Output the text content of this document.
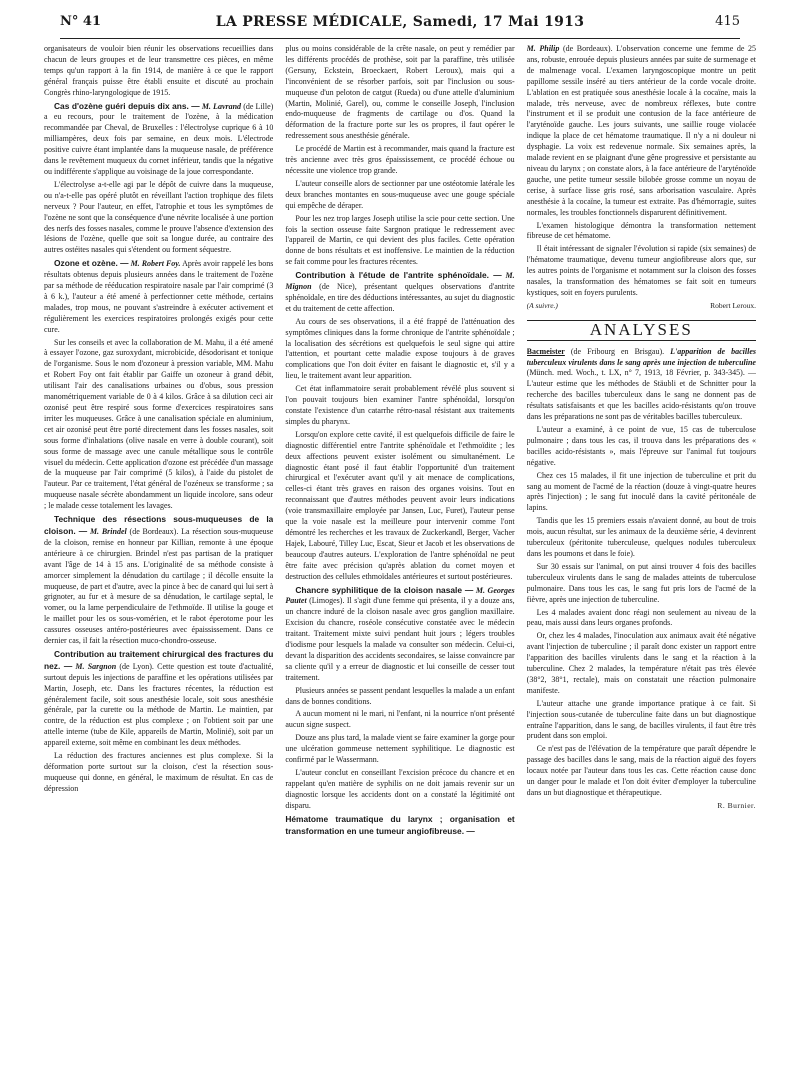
N° 41	LA PRESSE MÉDICALE, Samedi, 17 Mai 1913	415

organisateurs de vouloir bien réunir les observations recueillies dans chacun de leurs groupes et de leur transmettre ces pièces, en même temps qu'un rapport à la fin 1914, de manière à ce que le rapport général français puisse être établi ensuite et discuté au prochain Congrès rhino-laryngologique de 1915.

Cas d'ozène guéri depuis dix ans. — M. Lavrand (de Lille) a eu recours, pour le traitement de l'ozène, à la médication recommandée par Cheval, de Bruxelles : l'électrolyse cuprique 6 à 10 milliampères, deux fois par semaine, en deux mois. L'électrode positive cuivre étant implantée dans la muqueuse nasale, de préférence dans le revêtement muqueux du cornet inférieur, tandis que la négative ou indifférente s'applique au voisinage de la joue correspondante.

L'électrolyse a-t-elle agi par le dépôt de cuivre dans la muqueuse, ou n'a-t-elle pas opéré plutôt en réveillant l'action trophique des filets nerveux ? Pour l'auteur, en effet, l'atrophie et tous les symptômes de l'ozène ne sont que la conséquence d'une névrite localisée à une portion des nerfs des fosses nasales, comme le prouve l'absence d'extension des lésions de l'ozène, quelle que soit sa longue durée, au contraire des autres ostéites nasales qui s'étendent ou forment séquestre.

Ozone et ozène. — M. Robert Foy. Après avoir rappelé les bons résultats obtenus depuis plusieurs années dans le traitement de l'ozène par sa méthode de rééducation respiratoire nasale par l'air comprimé (3 à 6 k.), l'auteur a été amené à perfectionner cette méthode, certains malades, trop mous, ne pouvant s'astreindre à exécuter activement et régulièrement les exercices respiratoires prolongés exigés pour cette cure.

Sur les conseils et avec la collaboration de M. Mahu, il a été amené à essayer l'ozone, gaz suroxydant, microbicide, désodorisant et tonique de l'organisme. Sous le nom d'ozoneur à pression variable, MM. Mahu et Robert Foy ont fait établir par Gaiffe un ozoneur à grand débit, utilisant l'air des canalisations urbaines ou d'obus, sous pression manométriquement variable de 0 à 4 kilos. Grâce à sa dilution ceci air ozonisé peut être respiré sous forme d'exercices respiratoires sans irriter les muqueuses. Grâce à une canalisation spéciale en aluminium, cet air ozonisé peut être porté directement dans les fosses nasales, soit sous forme d'inhalations (olive nasale en verre à double courant), soit sous forme de massage avec une canule métallique sous le contrôle visuel du médecin. Cette application d'ozone est précédée d'un massage de la muqueuse par l'air comprimé (5 kilos), à l'aide du pistolet de l'auteur. Par ce traitement, l'état général de l'ozéneux se transforme ; sa muqueuse nasale sécrète abondamment un liquide incolore, sans odeur ; le malade cesse totalement les lavages.

Technique des résections sous-muqueuses de la cloison. — M. Brindel (de Bordeaux). La résection sous-muqueuse de la cloison, remise en honneur par Killian, remonte à une époque antérieure à ce chirurgien. Brindel n'est pas partisan de la pratiquer avant l'âge de 14 à 15 ans. L'originalité de sa méthode consiste à amorcer simplement la dénudation du cartilage ; il décolle ensuite la muqueuse, de part et d'autre, avec la pince à bec de canard qui lui sert à grignoter, au fur et à mesure de sa dénudation, le cartilage septal, le vomer, ou la lame perpendiculaire de l'ethmoïde. Il utilise la gouge et le maillet pour les os sous-vomérien, et le rabot éperotome pour les cassures osseuses antéro-postérieures avec épaississement. Dans ce dernier cas, il fait la résection muco-chondro-osseuse.

Contribution au traitement chirurgical des fractures du nez. — M. Sargnon (de Lyon). Cette question est toute d'actualité, surtout depuis les injections de paraffine et les opérations utilisées par Martin, Joseph, etc. Dans les fractures récentes, la réduction est généralement facile, soit sous anesthésie locale, soit sous anesthésie générale, par la curette ou la méthode de Martin. Le maintien, par contre, de la réduction est plus complexe ; on l'obtient soit par une attelle interne (tube de Kile, appareils de Martin, Molinié), soit par un appareil externe, soit même en combinant les deux méthodes.

La réduction des fractures anciennes est plus complexe. Si la déformation porte surtout sur la cloison, c'est la résection sous-muqueuse qui donne, en général, le maximum de résultat. En cas de dépression

plus ou moins considérable de la crête nasale, on peut y remédier par les différents procédés de prothèse, soit par la paraffine, très utilisée (Gersuny, Eckstein, Broeckaert, Robert Leroux), mais qui a l'inconvénient de se résorber parfois, soit par l'inclusion ou sous-muqueuse d'un peloton de catgut (Rueda) ou d'une attelle d'aluminium (Martin, Molinié, Garel), ou, comme le conseille Joseph, l'inclusion endo-muqueuse de fragments de cartilage ou d'os. Quand la déformation de la fracture porte sur les os propres, il faut opérer le redressement sous anesthésie générale.

Le procédé de Martin est à recommander, mais quand la fracture est très ancienne avec très gros épaississement, ce procédé échoue ou nécessite une violence trop grande.

L'auteur conseille alors de sectionner par une ostéotomie latérale les deux branches montantes en sous-muqueuse avec une gouge spéciale qui empêche de déraper.

Pour les nez trop larges Joseph utilise la scie pour cette section. Une fois la section osseuse faite Sargnon pratique le redressement avec l'appareil de Martin, ce qui devient des plus faciles. Cette opération donne de bons résultats et est inoffensive. Le maintien de la réduction se fait comme pour les fractures récentes.

Contribution à l'étude de l'antrite sphénoïdale. — M. Mignon (de Nice), présentant quelques observations d'antrite sphénoïdale, en tire des déductions intéressantes, au sujet du diagnostic et du traitement de cette affection.

Au cours de ses observations, il a été frappé de l'atténuation des symptômes cliniques dans la forme chronique de l'antrite sphénoïdale ; la localisation des sécrétions est quelquefois le seul signe qui attire l'attention, et pourtant cette maladie expose toujours à de graves complications que l'on doit éviter en faisant le diagnostic et, s'il y a lieu, le traitement avant leur apparition.

Cet état inflammatoire serait probablement révélé plus souvent si l'on pouvait toujours bien examiner l'antre sphénoïdal, lorsqu'on constate l'existence d'un catarrhe rétro-nasal résistant aux traitements simples du pharynx.

Lorsqu'on explore cette cavité, il est quelquefois difficile de faire le diagnostic différentiel entre l'antrite sphénoïdale et l'ethmoïdite ; les deux affections peuvent exister isolément ou simultanément. Le diagnostic étant posé il faut établir l'opportunité d'un traitement chirurgical et l'exécuter avant qu'il y ait menace de complications, celles-ci étant très graves en raison des organes voisins. Tout en reconnaissant que d'autres méthodes peuvent avoir leurs indications (voie transmaxillaire employée par Jansen, Luc, Furet), l'auteur pense que la voie nasale est la meilleure pour intervenir comme l'ont démontré les recherches et les travaux de Zuckerkandl, Berger, Vacher Hajek, Labouré, Tilley Luc, Escat, Sieur et Jacob et les observations de beaucoup d'autres auteurs. L'exploration de l'antre sphénoïdal ne peut être faite avec précision qu'après ablation du cornet moyen et destruction des cellules ethmoïdales antérieures et surtout postérieures.

Chancre syphilitique de la cloison nasale — M. Georges Pautet (Limoges). Il s'agit d'une femme qui présenta, il y a douze ans, un chancre induré de la cloison nasale avec gros ganglion maxillaire. Excision du chancre, roséole consécutive constatée avec le médecin traitant. Traitement mixte suivi pendant huit jours ; légers troubles d'iodisme pour lesquels la malade va consulter son médecin. Celui-ci, devant la disparition des accidents secondaires, se laisse convaincre par sa cliente qu'il y a erreur de diagnostic et lui conseille de cesser tout traitement.

Plusieurs années se passent pendant lesquelles la malade a un enfant dans de bonnes conditions.

A aucun moment ni le mari, ni l'enfant, ni la nourrice n'ont présenté aucun signe suspect.

Douze ans plus tard, la malade vient se faire examiner la gorge pour une ulcération gommeuse nettement syphilitique. Le diagnostic est confirmé par le Wassermann.

L'auteur conclut en conseillant l'excision précoce du chancre et en rappelant qu'en matière de syphilis on ne doit jamais revenir sur un diagnostic lorsque les accidents dont on a constaté la légitimité ont disparu.

Hématome traumatique du larynx ; organisation et transformation en une tumeur angiofibreuse. —

M. Philip (de Bordeaux). L'observation concerne une femme de 25 ans, robuste, enrouée depuis plusieurs années par suite de surmenage et de malmenage vocal. L'examen laryngoscopique montre un petit papillome sessile inséré au tiers antérieur de la corde vocale droite. L'ablation en est pratiquée sous anesthésie locale à la cocaïne, mais la malade, très nerveuse, avec de nombreux réflexes, bute contre l'instrument et il se produit une contusion de la face antérieure de l'aryténoïde gauche. Les jours suivants, une saillie rouge violacée indique la place de cet hématome traumatique. Il n'y a ni douleur ni dysphagie. La voix est redevenue normale. Six semaines après, la malade revient en se plaignant d'une gêne progressive et persistante au niveau du larynx ; on constate alors, à la face antérieure de l'aryténoïde gauche, une petite tumeur sessile bilobée grosse comme un noyau de cerise, à surface lisse gris rosé, sans arborisation vasculaire. Après anesthésie à la cocaïne, la tumeur est extraite. Pas d'hémorragie, suites normales, les troubles fonctionnels disparurent définitivement.

L'examen histologique démontra la transformation nettement fibreuse de cet hématome.

Il était intéressant de signaler l'évolution si rapide (six semaines) de l'hématome traumatique, devenu tumeur angiofibreuse alors que, sur les autres points de l'organisme et notamment sur la cloison des fosses nasales, la transformation des hématomes se fait soit en tumeurs kystiques, soit en foyers purulents.

(A suivre.)	Robert Leroux.
ANALYSES

Bacmeister (de Fribourg en Brisgau). L'apparition de bacilles tuberculeux virulents dans le sang après une injection de tuberculine (Münch. med. Woch., t. LX, n° 7, 1913, 18 Février, p. 343-345). — L'auteur estime que les méthodes de Stäubli et de Schnitter pour la recherche des bacilles tuberculeux dans le sang ne donnent pas de résultats satisfaisants et que les bacilles acido-résistants qu'on trouve dans les préparations ne sont pas de véritables bacilles tuberculeux.

L'auteur a examiné, à ce point de vue, 15 cas de tuberculose pulmonaire ; dans tous les cas, il trouva dans les préparations des « bacilles acido-résistants », mais l'épreuve sur l'animal fut toujours négative.

Chez ces 15 malades, il fit une injection de tuberculine et prit du sang au moment de l'acmé de la réaction (douze à vingt-quatre heures après l'injection) ; le sang fut inoculé dans la cavité péritonéale de lapins.

Tandis que les 15 premiers essais n'avaient donné, au bout de trois mois, aucun résultat, sur les animaux de la deuxième série, 4 devinrent tuberculeux (péritonite tuberculeuse, quelques nodules tuberculeux dans les poumons et dans le foie).

Sur 30 essais sur l'animal, on put ainsi trouver 4 fois des bacilles tuberculeux virulents dans le sang de malades atteints de tuberculose pulmonaire. Dans tous les cas, le sang fut pris lors de l'acmé de la fièvre, après une injection de tuberculine.

Les 4 malades avaient donc réagi non seulement au niveau de la peau, mais aussi dans leurs organes profonds.

Or, chez les 4 malades, l'inoculation aux animaux avait été négative avant l'injection de tuberculine ; il paraît donc exister un rapport entre l'apparition des bacilles virulents dans le sang et la réaction à la tuberculine. Chez 2 malades, la température n'était pas très élevée (38°2, 38°1, rectale), mais on constatait une réaction pulmonaire manifeste.

L'auteur attache une grande importance pratique à ce fait. Si l'injection sous-cutanée de tuberculine faite dans un but diagnostique entraîne l'apparition, dans le sang, de bacilles virulents, il faut être très prudent dans son emploi.

Ce n'est pas de l'élévation de la température que paraît dépendre le passage des bacilles dans le sang, mais de la réaction aiguë des foyers locaux notée par l'auteur dans tous les cas. Cette réaction cause donc un danger pour le malade et l'on doit éviter d'employer la tuberculine dans un but diagnostique et thérapeutique.

R. Burnier.
